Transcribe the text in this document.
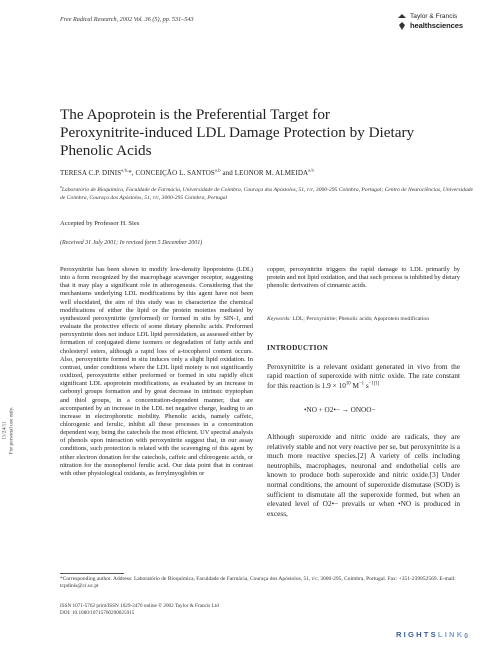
Free Radical Research, 2002 Vol. 36 (5), pp. 531–543	Taylor & Francis
healthsciences
11/24/11 For personal use only.
The Apoprotein is the Preferential Target for
Peroxynitrite-induced LDL Damage Protection by Dietary
Phenolic Acids
TERESA C.P. $DINIS^{a,b,}*$, CONCEIÇÃO L. SANTOS$^{a,b}$ and LEONOR M. ALMEIDA$^{a,b}$
$^a$Laboratório de Bioquímica, Faculdade de Farmácia, Universidade de Coimbra, Couraça dos Apóstolos, 51, r/c, 3000-295 Coimbra, Portugal; Centro de Neurociências, Universidade de Coimbra, Couraça dos Apóstolos, 51, r/c, 3000-295 Coimbra, Portugal
Accepted by Professor H. Sies
(Received 31 July 2001; In revised form 5 December 2001)

Peroxynitrite has been shown to modify low-density lipoproteins (LDL) into a form recognized by the macrophage scavenger receptor, suggesting that it may play a significant role in atherogenesis. Considering that the mechanisms underlying LDL modifications by this agent have not been well elucidated, the aim of this study was to characterize the chemical modifications of either the lipid or the protein moieties mediated by synthesized peroxynitrite (preformed) or formed in situ by SIN-1, and evaluate the protective effects of some dietary phenolic acids. Preformed peroxynitrite does not induce LDL lipid peroxidation, as assessed either by formation of conjugated diene isomers or degradation of fatty acids and cholesteryl esters, although a rapid loss of a-tocopherol content occurs. Also, peroxynitrite formed in situ induces only a slight lipid oxidation. In contrast, under conditions where the LDL lipid moiety is not significantly oxidized, peroxynitrite either preformed or formed in situ rapidly elicit significant LDL apoprotein modifications, as evaluated by an increase in carbonyl groups formation and by great decrease in intrinsic tryptophan and thiol groups, in a concentration-dependent manner, that are accompanied by an increase in the LDL net negative charge, leading to an increase in electrophoretic mobility. Phenolic acids, namely caffeic, chlorogenic and ferulic, inhibit all these processes in a concentration dependent way, being the catechols the most efficient. UV spectral analysis of phenols upon interaction with peroxynitrite suggest that, in our assay conditions, such protection is related with the scavenging of this agent by either electron donation for the catechols, caffeic and chlorogenic acids, or nitration for the monophenol ferulic acid. Our data point that in contrast with other physiological oxidants, as ferrylmyoglobin or

copper, peroxynitrite triggers the rapid damage to LDL primarily by protein and not lipid oxidation, and that such process is inhibited by dietary phenolic derivatives of cinnamic acids.

Keywords: LDL; Peroxynitrite; Phenolic acids; Apoprotein modification
INTRODUCTION
Peroxynitrite is a relevant oxidant generated in vivo from the rapid reaction of superoxide with nitric oxide. The rate constant for this reaction is $1.9 \times 10^{10}$ $M^{-1}$ $s^{-1[1]}$
•NO + O2•− → ONOO−
Although superoxide and nitric oxide are radicals, they are relatively stable and not very reactive per se, but peroxynitrite is a much more reactive species.[2] A variety of cells including neutrophils, macrophages, neuronal and endothelial cells are known to produce both superoxide and nitric oxide.[3] Under normal conditions, the amount of superoxide dismutase (SOD) is sufficient to dismutate all the superoxide formed, but when an elevated level of O2•− prevails or when •NO is produced in excess,
*Corresponding author. Address: Laboratório de Bioquímica, Faculdade de Farmácia, Couraça dos Apóstolos, 51, r/c, 3000-295, Coimbra, Portugal. Fax: +351-239852569. E-mail: tcpdinis@ci.uc.pt
ISSN 1071-5762 print/ISSN 1029-2470 online © 2002 Taylor & Francis Ltd
DOI: 10.1080/10715760290025915
RIGHTSLINK()
